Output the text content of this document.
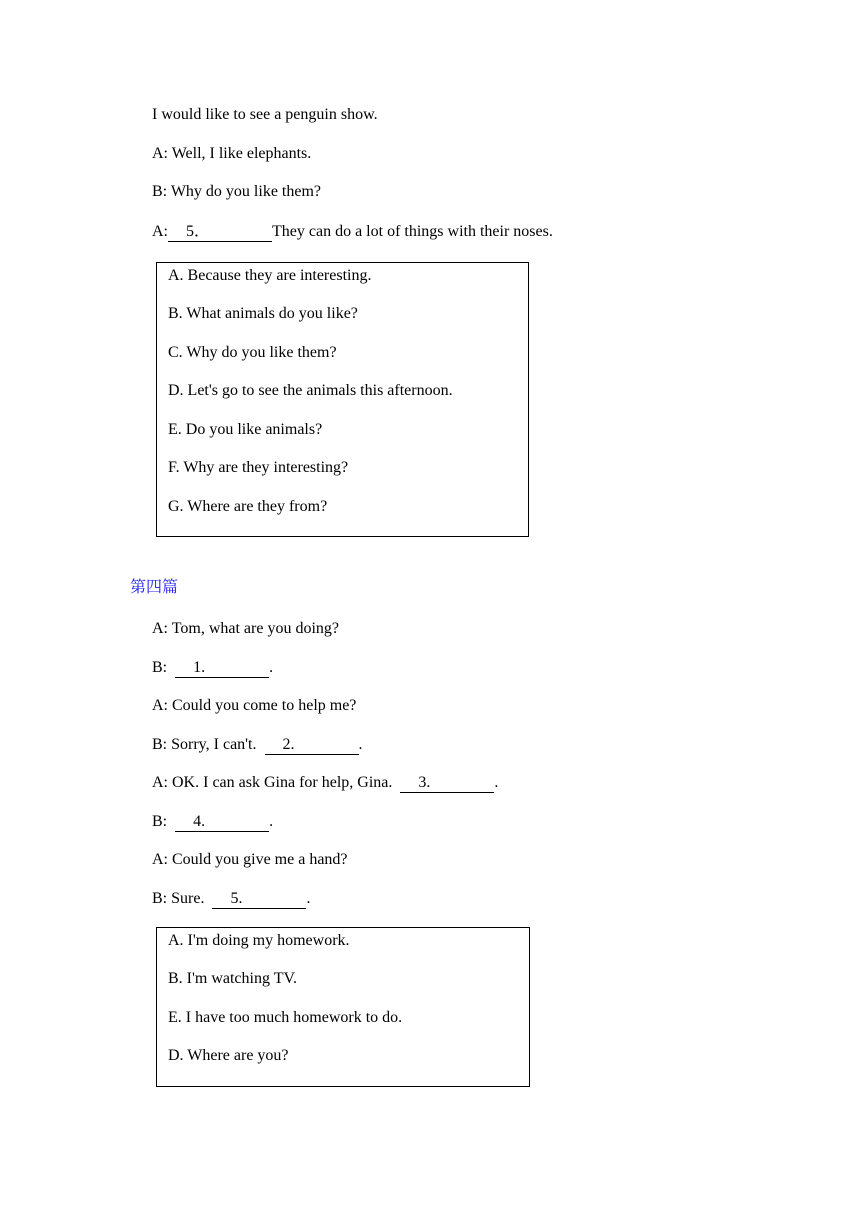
I would like to see a penguin show.
A: Well, I like elephants.
B: Why do you like them?
A: 5．	They can do a lot of things with their noses.
A. Because they are interesting.
B. What animals do you like?
C. Why do you like them?
D. Let's go to see the animals this afternoon.
E. Do you like animals?
F. Why are they interesting?
G. Where are they from?
第四篇
A: Tom, what are you doing?
B:  1.	.
A: Could you come to help me?
B: Sorry, I can't.  2.	.
A: OK. I can ask Gina for help, Gina.  3.	.
B:  4.	.
A: Could you give me a hand?
B: Sure.  5.	.
A. I'm doing my homework.
B. I'm watching TV.
E. I have too much homework to do.
D. Where are you?
